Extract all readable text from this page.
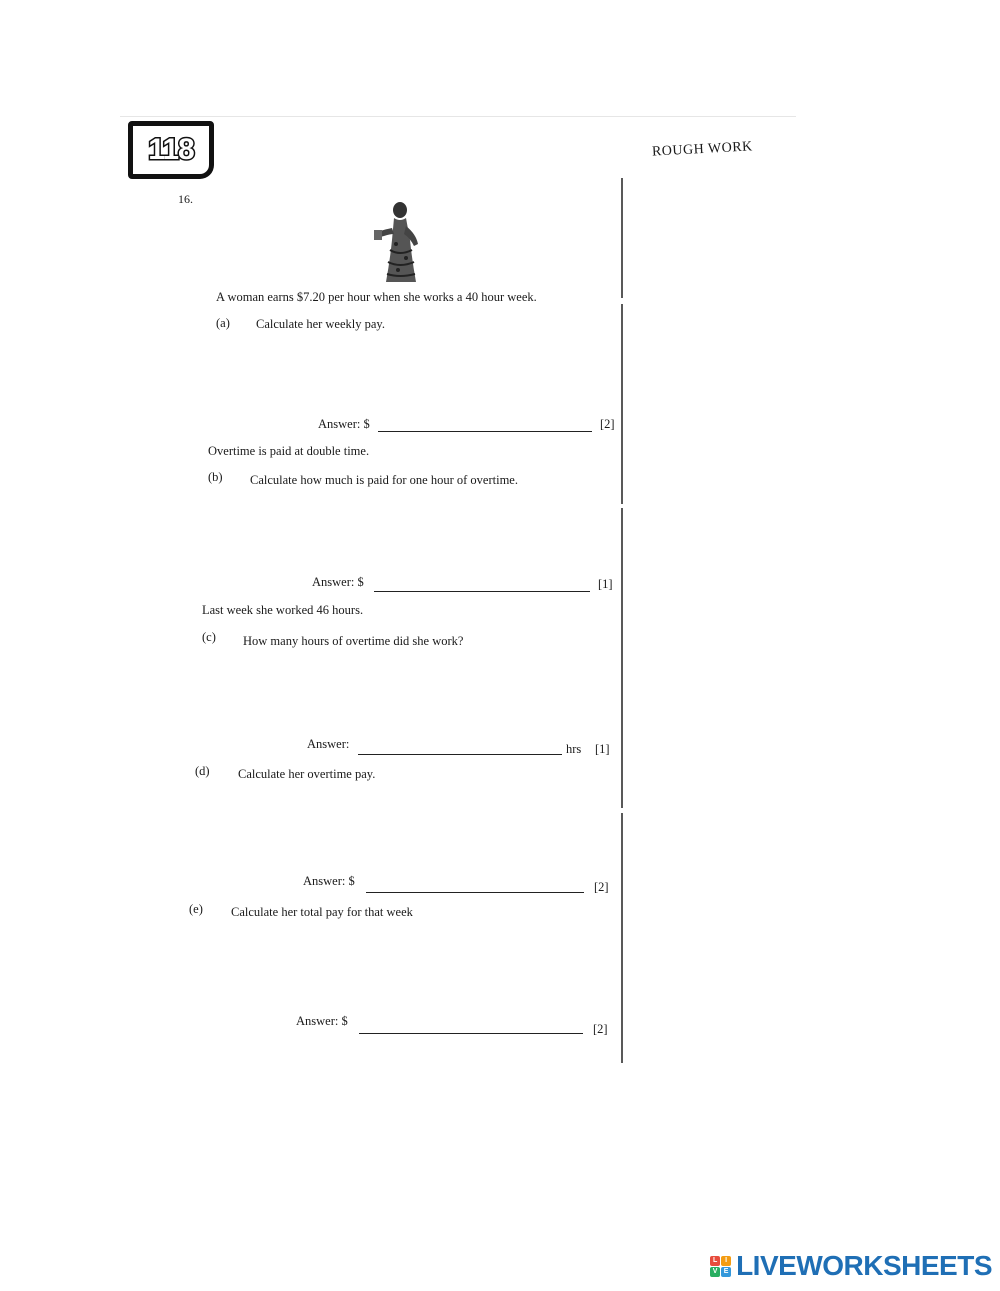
118	ROUGH WORK
16.
A woman earns $7.20 per hour when she works a 40 hour week.
(a) Calculate her weekly pay.
Answer: $	[2]
Overtime is paid at double time.
(b) Calculate how much is paid for one hour of overtime.
Answer: $	[1]
Last week she worked 46 hours.
(c) How many hours of overtime did she work?
Answer:	hrs [1]
(d) Calculate her overtime pay.
Answer: $	[2]
(e) Calculate her total pay for that week
Answer: $
[2]
L	I
V E LIVEWORKSHEETS
